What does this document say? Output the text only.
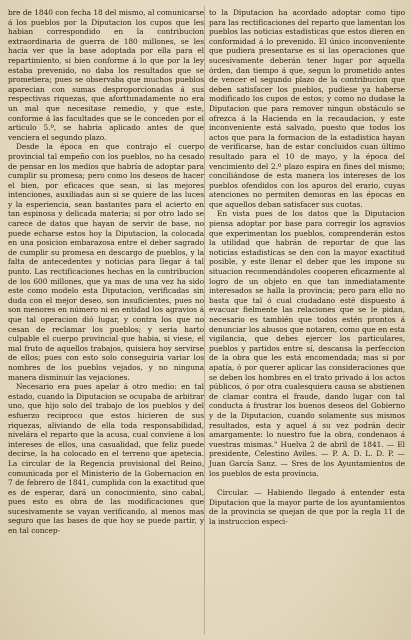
bre de 1840 con fecha 18 del mismo, al comunicarse á los pueblos por la Diputacion los cupos que les habian correspondido en la contribucion extraordinaria de guerra de 180 millones, se les hacia ver que la base adoptada por ella para el repartimiento, si bien conforme á lo que por la ley estaba prevenido, no daba los resultados que se prometiera; pues se observaba que muchos pueblos aparecian con sumas desproporcionadas á sus respectivas riquezas, que aforttunadamente no era un mal que necesitase remedio, y que este, conforme á las facultades que se le conceden por el articulo 5.º, se habria aplicado antes de que venciera el segundo plazo.

Desde la época en que contrajo el cuerpo provincial tal empeño con los pueblos, no ha cesado de pensar en los medios que habría de adoptar para cumplir su promesa; pero como los deseos de hacer el bien, por eficaces que sean, si las mejores intenciones, auxiliadas aun si se quiere de las luces y la esperiencia, sean bastantes para el acierto en tan espinosa y delicada materia; si por otro lado se carece de datos que hayan de servir de base, no puede echarse estos hoy la Diputacion, la colocada en una posicion embarazosa entre el deber sagrado de cumplir su promesa en descargo de pueblos, y la falta de antecedentes y noticias para llegar á tal punto. Las rectificaciones hechas en la contribucion de los 600 millones, que ya mas de una vez ha sido este como modelo esta Diputacion, verificadas sin duda con el mejor deseo, son insuficientes, pues no son menores en número ni en entidad los agravios á que tal operacion dió lugar, y contra los que no cesan de reclamar los pueblos; y seria harto culpable el cuerpo provincial que habia, si viese, el mal fruto de aquellos trabajos, quisiera hoy servirse de ellos; pues con esto solo conseguiria variar los nombres de los pueblos vejados, y no ninguna manera disminuir las vejaciones.

Necesario era pues apelar á otro medio: en tal estado, cuando la Diputacion se ocupaba de arbitrar uno, que hijo solo del trabajo de los pueblos y del esfuerzo reciproco que estos hicieren de sus riquezas, aliviando de ella toda responsabilidad, nivelára el reparto que la acusa, cual conviene á los intereses de ellos, una casualidad, que feliz puede decirse, la ha colocado en el terreno que apetecia. La circular de la Regencia provisional del Reino, comunicada por el Ministerio de la Gobernacion en 7 de febrero de 1841, cumplida con la exactitud que es de esperar, dará un conocimiento, sino cabal, pues esto es obra de las modificaciones que sucesivamente se vayan verificando, al menos mas seguro que las bases de que hoy se puede partir, y en tal concep-

to la Diputacion ha acordado adoptar como tipo para las rectificaciones del reparto que lamentan los pueblos las noticias estadisticas que estos dieren en conformidad á lo prevenido. El único inconveniente que pudiera presentarse es si las operaciones que sucesivamente deberán tener lugar por aquella órden, dan tiempo á que, segun lo prometido antes de vencer el segundo plazo de la contribucion que deben satisfacer los pueblos, pudiese ya haberse modificado los cupos de estos; y como no dudase la Diputacion que para remover ningun obstáculo se ofrezca á la Hacienda en la recaudacion, y este inconveniente está salvado, puesto que todos los actos que para la formacion de la estadistica hayan de verificarse, han de estar concluidos cuan último resultado para el 10 de mayo, y la época del vencimiento del 2.º plazo espira en fines del mismo; conciliándose de esta manera los intereses de los pueblos ofendidos con los apuros del erario, cuyas atenciones no permiten demoras en las épocas en que aquellos deban satisfacer sus cuotas.

En vista pues de los datos que la Diputacion piensa adoptar por base para corregir los agravios que experimentan los pueblos, comprenderán estos la utilidad que habrán de reportar de que las noticias estadisticas se den con la mayor exactitud posible, y este llenar el deber que les impone su situacion recomendándoles cooperen eficazmente al logro de un objeto en que tan inmediatamente interesados se halla la provincia; pero para ello no basta que tal ó cual ciudadano esté dispuesto á evacuar fielmente las relaciones que se le pidan, necesario es también que todos estén prontos á denunciar los abusos que notaren, como que en esta vigilancia, que debes ejercer los particulares, pueblos y partidos entre sí, descansa la perfeccion de la obra que les está encomendada; mas si por apatía, ó por querer aplicar las consideraciones que se deben los hombres en el trato privado á los actos públicos, ó por otra cualesquiera causa se abstienen de clamar contra el fraude, dando lugar con tal conducta á frustrar los buenos deseos del Gobierno y de la Diputacion, cuando solamente sus mismos resultados, esta y aquel á su vez podrán decir amargamente: lo nuestro fue la obra, condenaos á vuestras mismas." Huelva 2 de abril de 1841. — El presidente, Celestino Aviles. — P. A. D. L. D. P. — Juan García Sanz. — Sres de los Ayuntamientos de los pueblos de esta provincia.

Circular. — Habiendo llegado á entender esta Diputacion que la mayor parte de los ayuntamientos de la provincia se quejan de que por la regla 11 de la instruccion especi-
